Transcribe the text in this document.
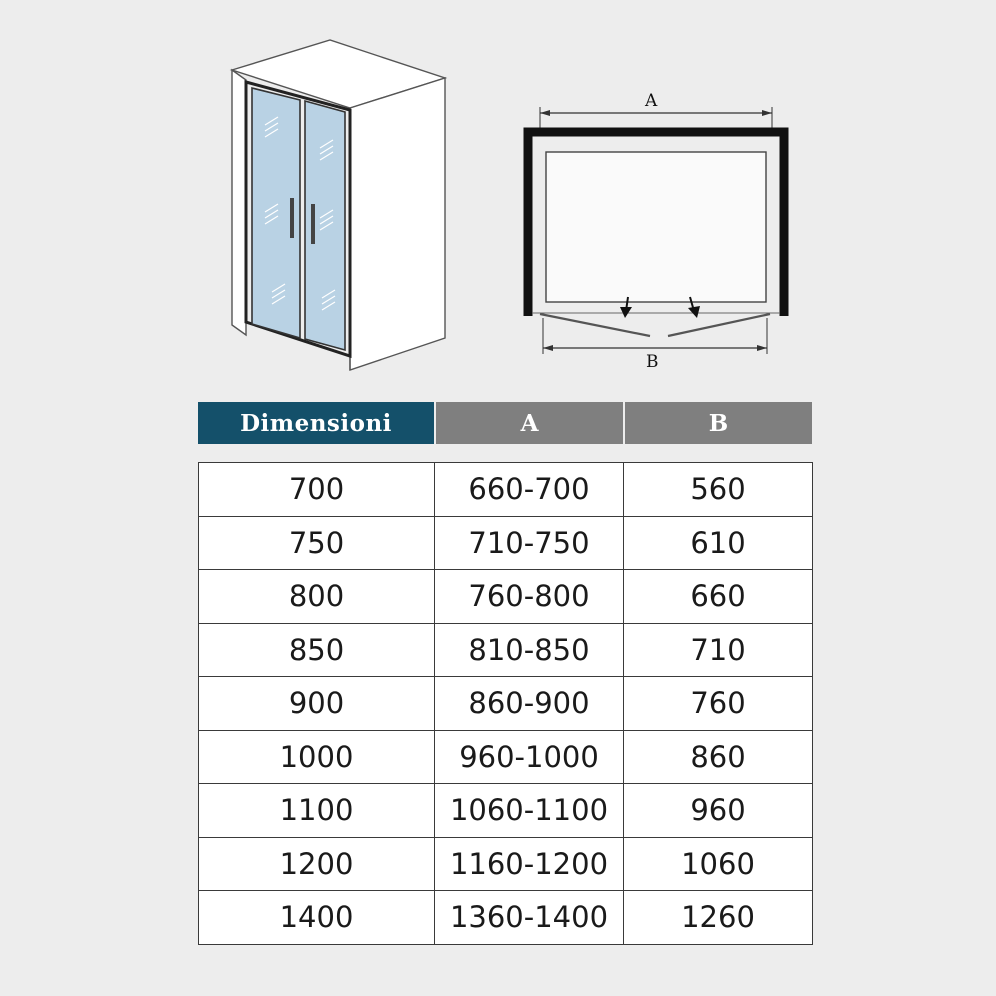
A
B
Dimensioni	A	B
700	660-700	560
750	710-750	610
800	760-800	660
850	810-850	710
900	860-900	760
1000	960-1000	860
1100	1060-1100	960
1200	1160-1200	1060
1400	1360-1400	1260
